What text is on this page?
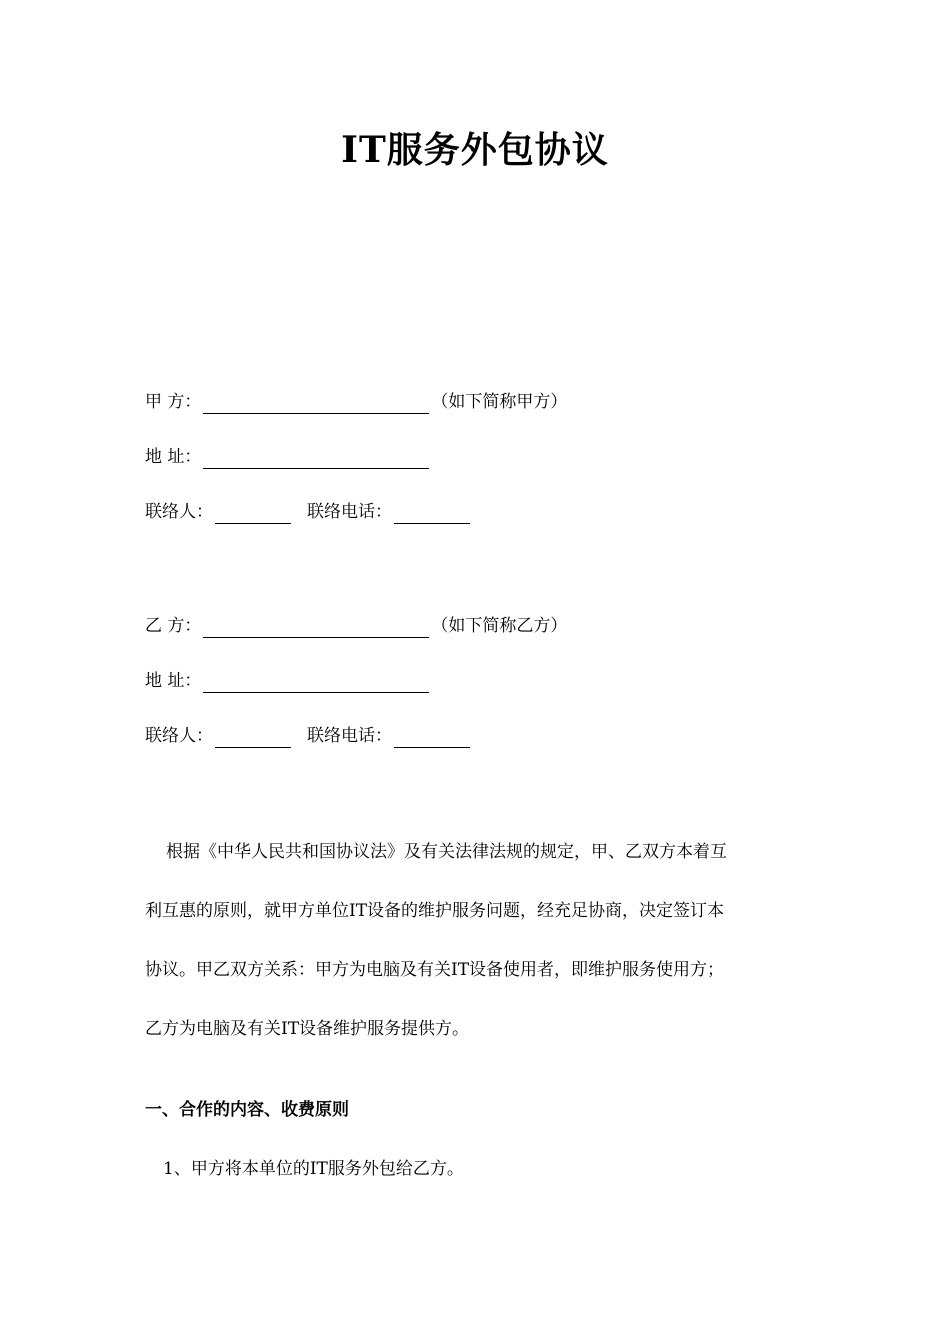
IT服务外包协议
甲 方：	（如下简称甲方）
地 址：
联络人：	联络电话：
乙 方：	（如下简称乙方）
地 址：
联络人：	联络电话：
根据《中华人民共和国协议法》及有关法律法规的规定，甲、乙双方本着互
利互惠的原则，就甲方单位IT设备的维护服务问题，经充足协商，决定签订本
协议。甲乙双方关系：甲方为电脑及有关IT设备使用者，即维护服务使用方；
乙方为电脑及有关IT设备维护服务提供方。
一、合作的内容、收费原则
1、甲方将本单位的IT服务外包给乙方。
